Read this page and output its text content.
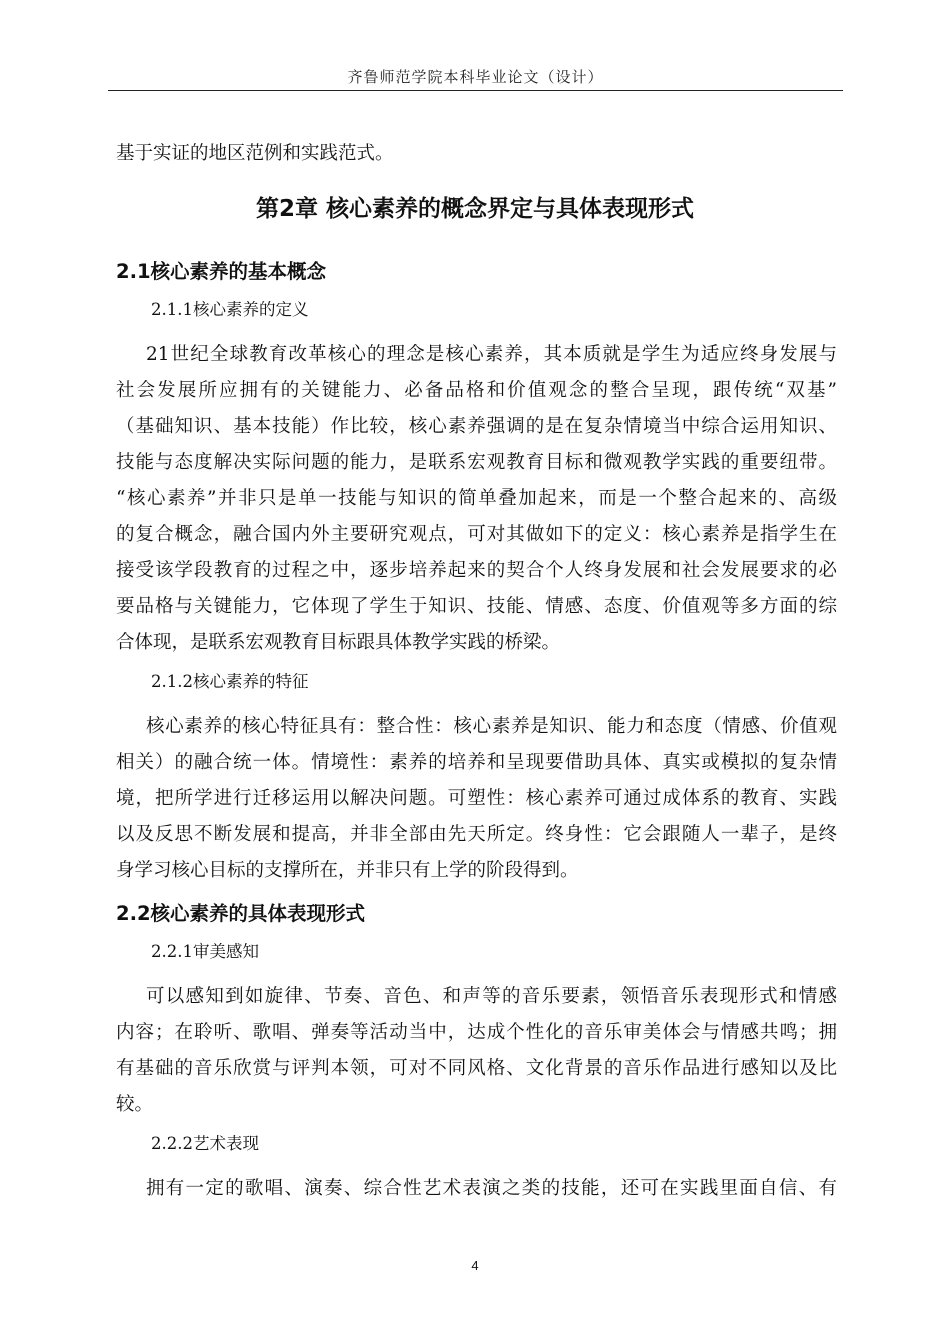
齐鲁师范学院本科毕业论文（设计）
基于实证的地区范例和实践范式。
第2章 核心素养的概念界定与具体表现形式
2.1核心素养的基本概念
2.1.1核心素养的定义
21世纪全球教育改革核心的理念是核心素养，其本质就是学生为适应终身发展与
社会发展所应拥有的关键能力、必备品格和价值观念的整合呈现，跟传统“双基”
（基础知识、基本技能）作比较，核心素养强调的是在复杂情境当中综合运用知识、
技能与态度解决实际问题的能力，是联系宏观教育目标和微观教学实践的重要纽带。
“核心素养”并非只是单一技能与知识的简单叠加起来，而是一个整合起来的、高级
的复合概念，融合国内外主要研究观点，可对其做如下的定义：核心素养是指学生在
接受该学段教育的过程之中，逐步培养起来的契合个人终身发展和社会发展要求的必
要品格与关键能力，它体现了学生于知识、技能、情感、态度、价值观等多方面的综
合体现，是联系宏观教育目标跟具体教学实践的桥梁。
2.1.2核心素养的特征
核心素养的核心特征具有：整合性：核心素养是知识、能力和态度（情感、价值观
相关）的融合统一体。情境性：素养的培养和呈现要借助具体、真实或模拟的复杂情
境，把所学进行迁移运用以解决问题。可塑性：核心素养可通过成体系的教育、实践
以及反思不断发展和提高，并非全部由先天所定。终身性：它会跟随人一辈子，是终
身学习核心目标的支撑所在，并非只有上学的阶段得到。
2.2核心素养的具体表现形式
2.2.1审美感知
可以感知到如旋律、节奏、音色、和声等的音乐要素，领悟音乐表现形式和情感
内容；在聆听、歌唱、弹奏等活动当中，达成个性化的音乐审美体会与情感共鸣；拥
有基础的音乐欣赏与评判本领，可对不同风格、文化背景的音乐作品进行感知以及比
较。
2.2.2艺术表现
拥有一定的歌唱、演奏、综合性艺术表演之类的技能，还可在实践里面自信、有
4
